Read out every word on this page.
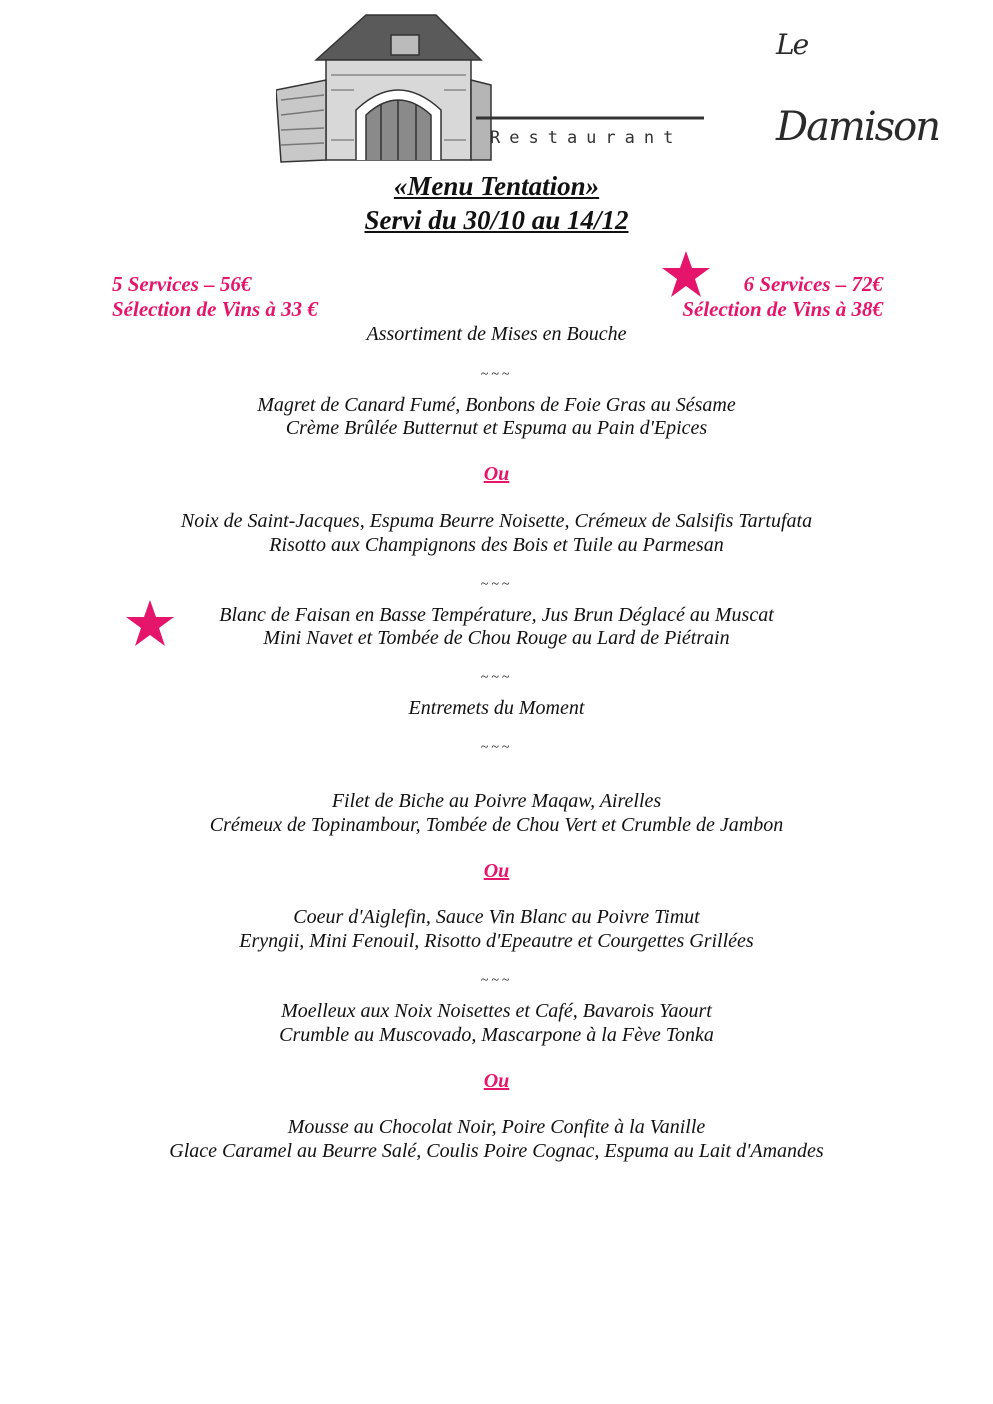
$^{Le}$ Damison
Restaurant
«Menu Tentation»
Servi du 30/10 au 14/12
5 Services – 56€
Sélection de Vins à 33 €
6 Services – 72€
Sélection de Vins à 38€
Assortiment de Mises en Bouche
~~~
Magret de Canard Fumé, Bonbons de Foie Gras au Sésame
Crème Brûlée Butternut et Espuma au Pain d'Epices
Ou
Noix de Saint-Jacques, Espuma Beurre Noisette, Crémeux de Salsifis Tartufata
Risotto aux Champignons des Bois et Tuile au Parmesan
~~~
Blanc de Faisan en Basse Température, Jus Brun Déglacé au Muscat
Mini Navet et Tombée de Chou Rouge au Lard de Piétrain
~~~
Entremets du Moment
~~~
Filet de Biche au Poivre Maqaw, Airelles
Crémeux de Topinambour, Tombée de Chou Vert et Crumble de Jambon
Ou
Coeur d'Aiglefin, Sauce Vin Blanc au Poivre Timut
Eryngii, Mini Fenouil, Risotto d'Epeautre et Courgettes Grillées
~~~
Moelleux aux Noix Noisettes et Café, Bavarois Yaourt
Crumble au Muscovado, Mascarpone à la Fève Tonka
Ou
Mousse au Chocolat Noir, Poire Confite à la Vanille
Glace Caramel au Beurre Salé, Coulis Poire Cognac, Espuma au Lait d'Amandes
